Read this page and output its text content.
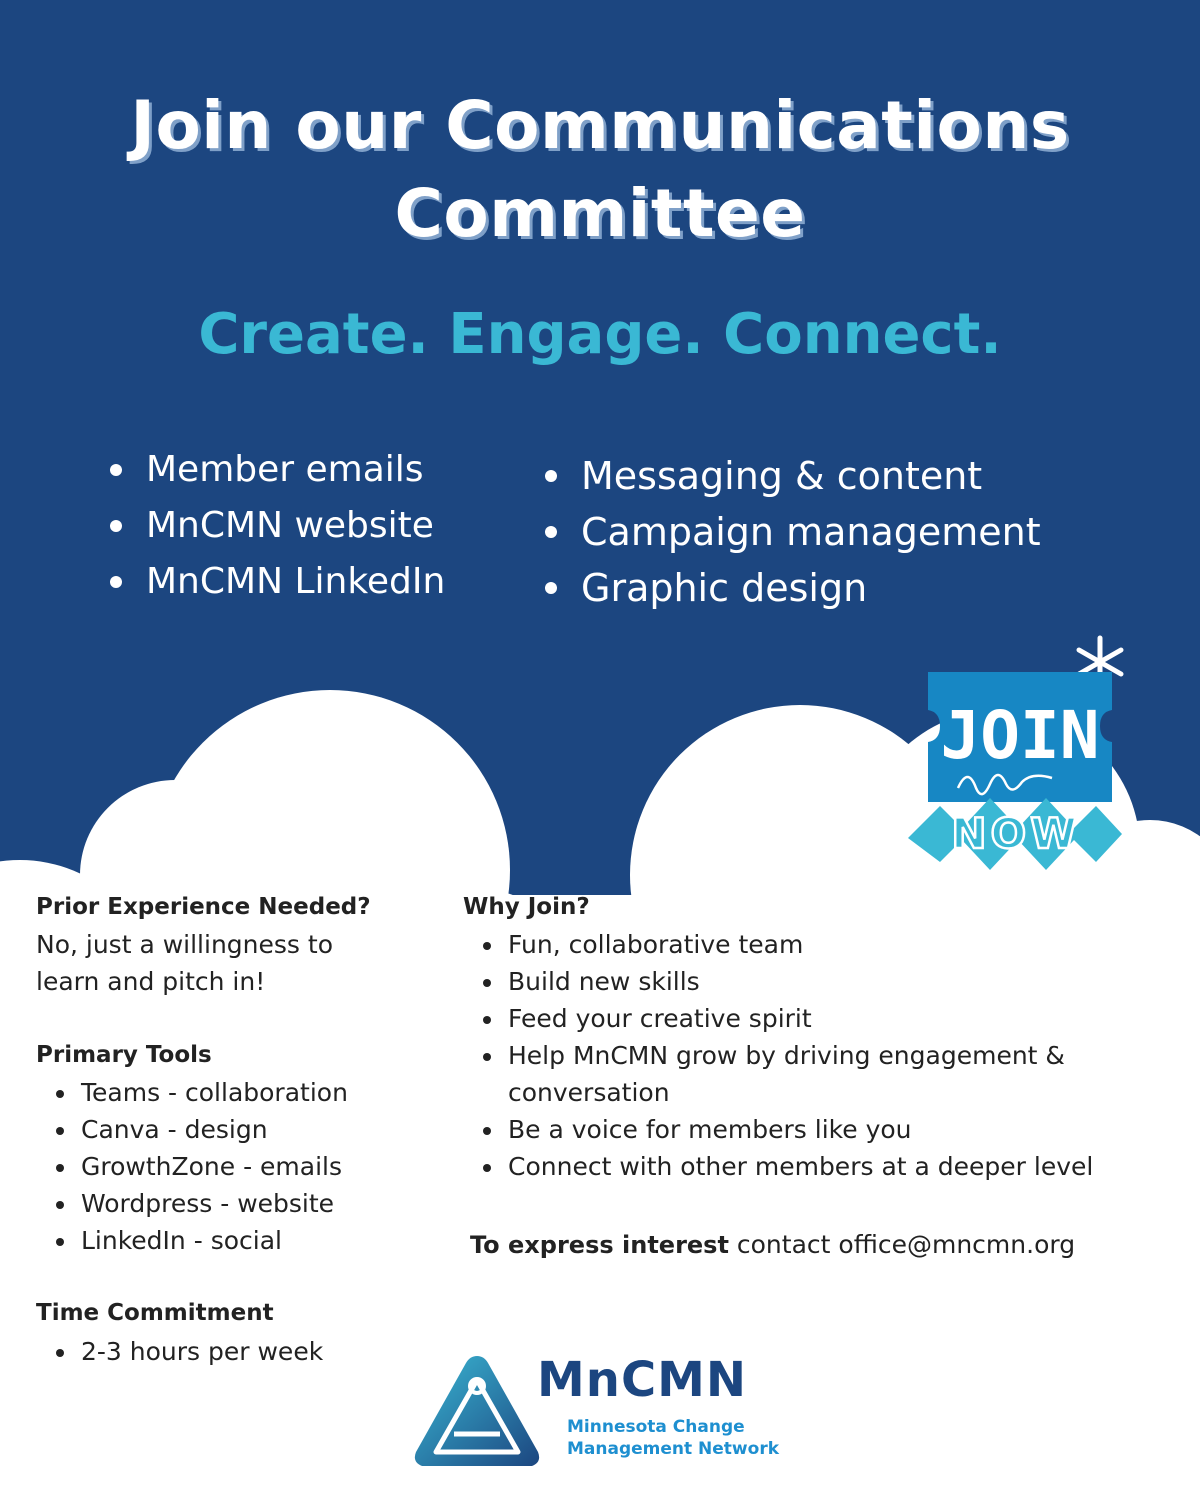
Join our Communications
Committee
Create. Engage. Connect.
Member emails
MnCMN website
MnCMN LinkedIn
Messaging & content
Campaign management
Graphic design
JOIN
NOW
Prior Experience Needed?
No, just a willingness to
learn and pitch in!
Primary Tools
Teams - collaboration
Canva - design
GrowthZone - emails
Wordpress - website
LinkedIn - social
Time Commitment
2-3 hours per week
Why Join?
Fun, collaborative team
Build new skills
Feed your creative spirit
Help MnCMN grow by driving engagement & conversation
Be a voice for members like you
Connect with other members at a deeper level
To express interest contact office@mncmn.org
MnCMN
Minnesota Change
Management Network
